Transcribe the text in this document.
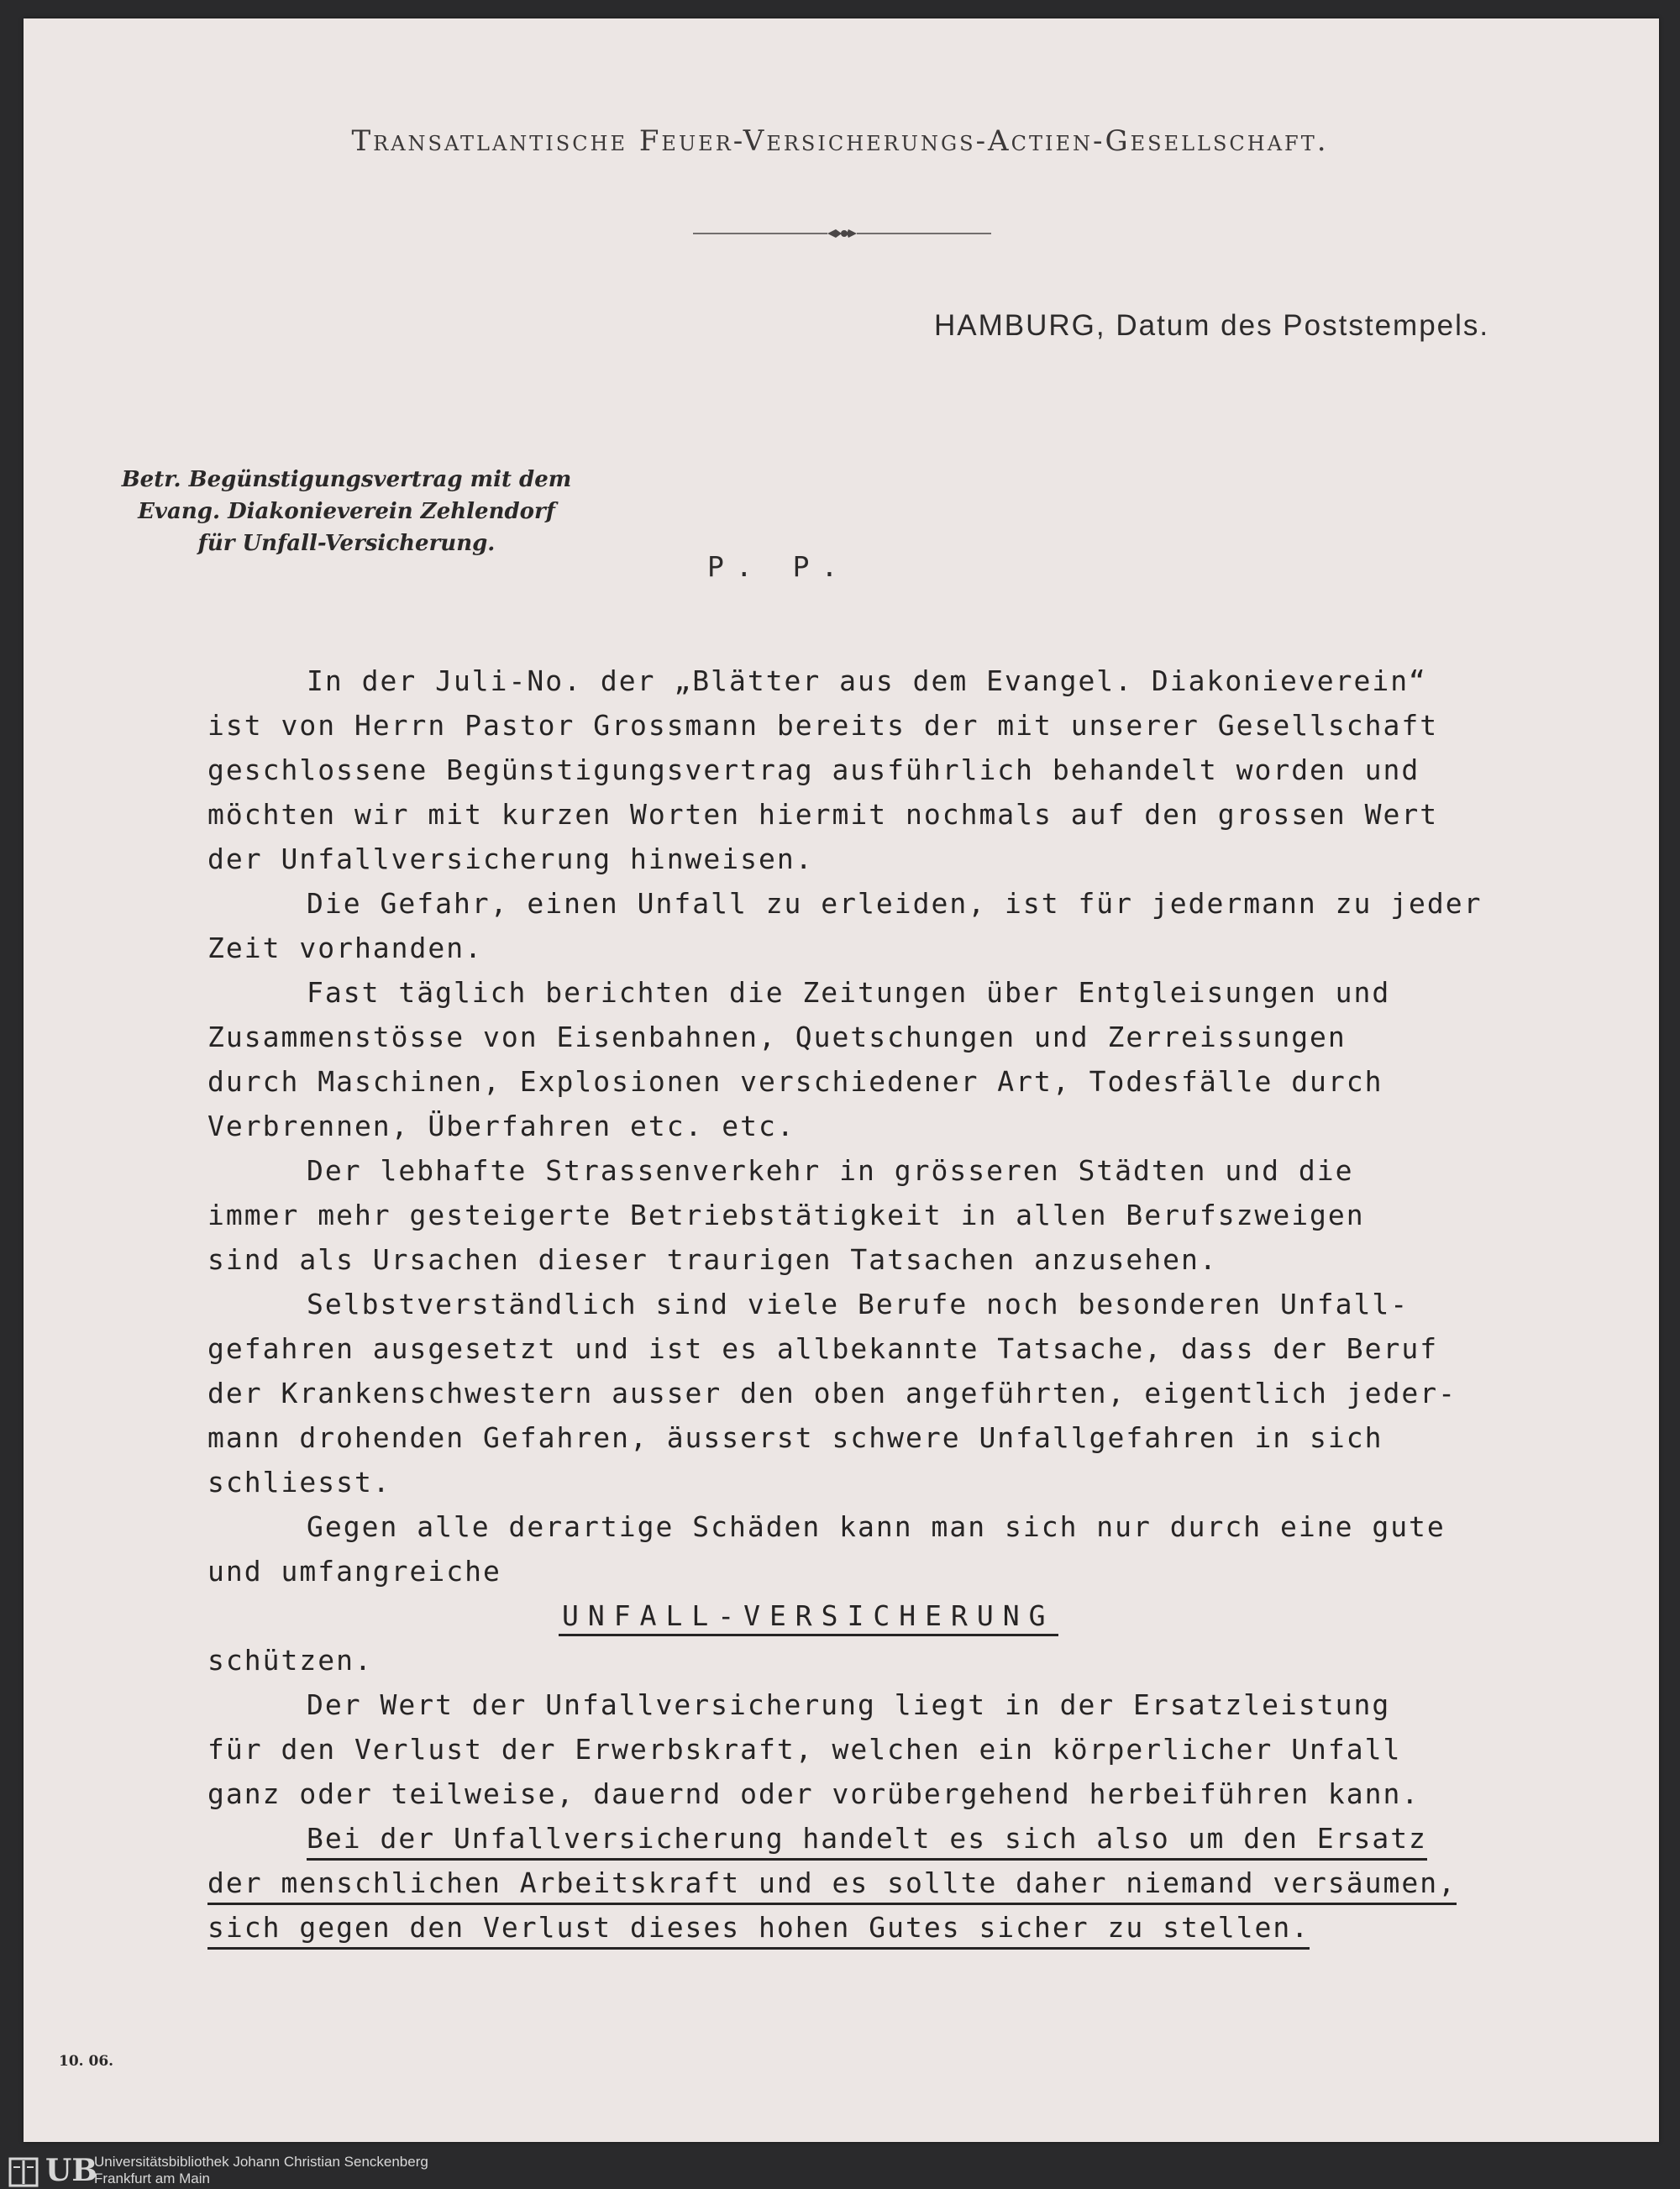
Transatlantische Feuer-Versicherungs-Actien-Gesellschaft.
HAMBURG, Datum des Poststempels.
Betr. Begünstigungsvertrag mit dem
Evang. Diakonieverein Zehlendorf
für Unfall-Versicherung.
P. P.
In der Juli-No. der „Blätter aus dem Evangel. Diakonieverein“
ist von Herrn Pastor Grossmann bereits der mit unserer Gesellschaft
geschlossene Begünstigungsvertrag ausführlich behandelt worden und
möchten wir mit kurzen Worten hiermit nochmals auf den grossen Wert
der Unfallversicherung hinweisen.
Die Gefahr, einen Unfall zu erleiden, ist für jedermann zu jeder
Zeit vorhanden.
Fast täglich berichten die Zeitungen über Entgleisungen und
Zusammenstösse von Eisenbahnen, Quetschungen und Zerreissungen
durch Maschinen, Explosionen verschiedener Art, Todesfälle durch
Verbrennen, Überfahren etc. etc.
Der lebhafte Strassenverkehr in grösseren Städten und die
immer mehr gesteigerte Betriebstätigkeit in allen Berufszweigen
sind als Ursachen dieser traurigen Tatsachen anzusehen.
Selbstverständlich sind viele Berufe noch besonderen Unfall-
gefahren ausgesetzt und ist es allbekannte Tatsache, dass der Beruf
der Krankenschwestern ausser den oben angeführten, eigentlich jeder-
mann drohenden Gefahren, äusserst schwere Unfallgefahren in sich
schliesst.
Gegen alle derartige Schäden kann man sich nur durch eine gute
und umfangreiche
UNFALL-VERSICHERUNG
schützen.
Der Wert der Unfallversicherung liegt in der Ersatzleistung
für den Verlust der Erwerbskraft, welchen ein körperlicher Unfall
ganz oder teilweise, dauernd oder vorübergehend herbeiführen kann.
Bei der Unfallversicherung handelt es sich also um den Ersatz
der menschlichen Arbeitskraft und es sollte daher niemand versäumen,
sich gegen den Verlust dieses hohen Gutes sicher zu stellen.
10. 06.
UB
Universitätsbibliothek Johann Christian Senckenberg
Frankfurt am Main
